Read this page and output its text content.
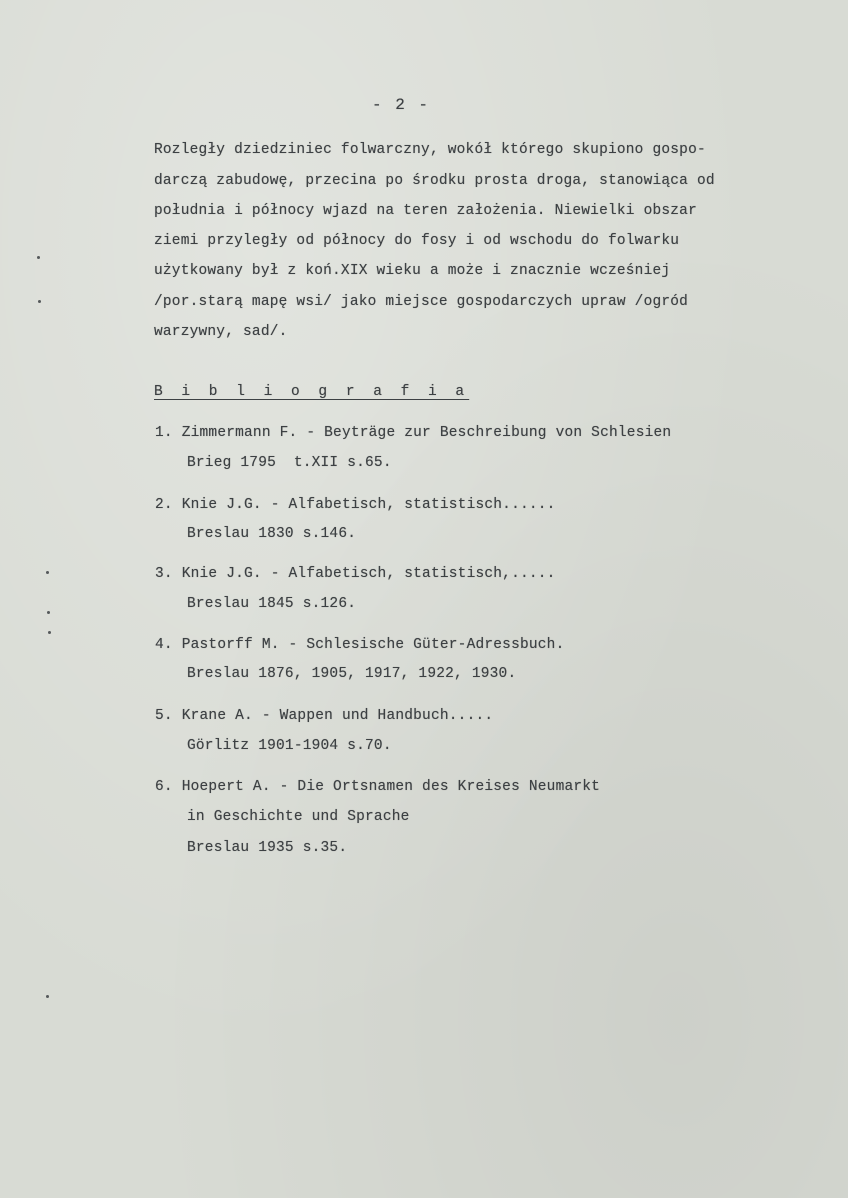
- 2 -
Rozległy dziedziniec folwarczny, wokół którego skupiono gospo-
darczą zabudowę, przecina po środku prosta droga, stanowiąca od
południa i północy wjazd na teren założenia. Niewielki obszar
ziemi przyległy od północy do fosy i od wschodu do folwarku
użytkowany był z koń.XIX wieku a może i znacznie wcześniej
/por.starą mapę wsi/ jako miejsce gospodarczych upraw /ogród
warzywny, sad/.
B i b l i o g r a f i a
1. Zimmermann F. - Beyträge zur Beschreibung von Schlesien
Brieg 1795  t.XII s.65.
2. Knie J.G. - Alfabetisch, statistisch......
Breslau 1830 s.146.
3. Knie J.G. - Alfabetisch, statistisch,.....
Breslau 1845 s.126.
4. Pastorff M. - Schlesische Güter-Adressbuch.
Breslau 1876, 1905, 1917, 1922, 1930.
5. Krane A. - Wappen und Handbuch.....
Görlitz 1901-1904 s.70.
6. Hoepert A. - Die Ortsnamen des Kreises Neumarkt
in Geschichte und Sprache
Breslau 1935 s.35.
